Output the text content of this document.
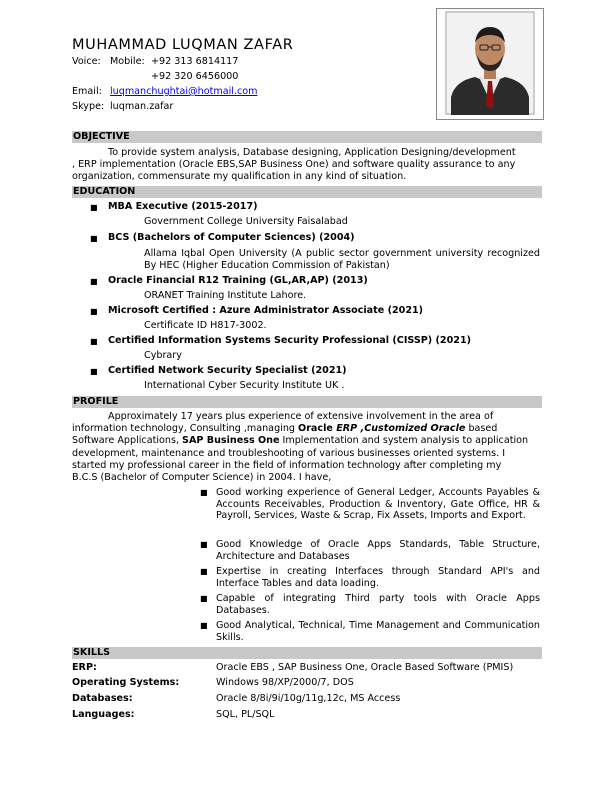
MUHAMMAD LUQMAN ZAFAR
Voice: Mobile: +92 313 6814117
+92 320 6456000
Email: luqmanchughtai@hotmail.com
Skype: luqman.zafar
OBJECTIVE
To provide system analysis, Database designing, Application Designing/development
, ERP implementation (Oracle EBS,SAP Business One) and software quality assurance to any
organization, commensurate my qualification in any kind of situation.
EDUCATION
■ MBA Executive (2015-2017)
Government College University Faisalabad
■ BCS (Bachelors of Computer Sciences) (2004)
Allama Iqbal Open University (A public sector government university recognized By HEC (Higher Education Commission of Pakistan)
■ Oracle Financial R12 Training (GL,AR,AP) (2013)
ORANET Training Institute Lahore.
■ Microsoft Certified : Azure Administrator Associate (2021)
Certificate ID H817-3002.
■ Certified Information Systems Security Professional (CISSP) (2021)
Cybrary
■ Certified Network Security Specialist (2021)
International Cyber Security Institute UK .
PROFILE
Approximately 17 years plus experience of extensive involvement in the area of
information technology, Consulting ,managing Oracle ERP ,Customized Oracle based
Software Applications, SAP Business One Implementation and system analysis to application
development, maintenance and troubleshooting of various businesses oriented systems. I
started my professional career in the field of information technology after completing my
B.C.S (Bachelor of Computer Science) in 2004. I have,
■ Good working experience of General Ledger, Accounts Payables & Accounts Receivables, Production & Inventory, Gate Office, HR & Payroll, Services, Waste & Scrap, Fix Assets, Imports and Export.
■ Good Knowledge of Oracle Apps Standards, Table Structure, Architecture and Databases
■ Expertise in creating Interfaces through Standard API's and Interface Tables and data loading.
■ Capable of integrating Third party tools with Oracle Apps Databases.
■ Good Analytical, Technical, Time Management and Communication Skills.
SKILLS
ERP:	Oracle EBS , SAP Business One, Oracle Based Software (PMIS)
Operating Systems:	Windows 98/XP/2000/7, DOS
Databases:	Oracle 8/8i/9i/10g/11g,12c, MS Access
Languages:	SQL, PL/SQL
